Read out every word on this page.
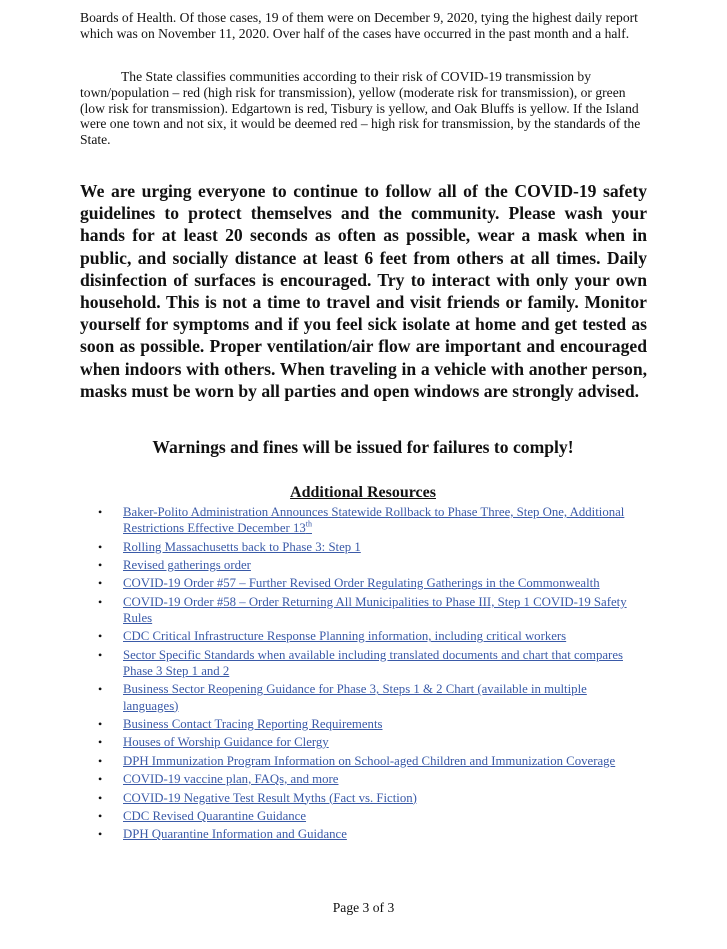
Boards of Health. Of those cases, 19 of them were on December 9, 2020, tying the highest daily report which was on November 11, 2020. Over half of the cases have occurred in the past month and a half.

The State classifies communities according to their risk of COVID-19 transmission by town/population – red (high risk for transmission), yellow (moderate risk for transmission), or green (low risk for transmission). Edgartown is red, Tisbury is yellow, and Oak Bluffs is yellow. If the Island were one town and not six, it would be deemed red – high risk for transmission, by the standards of the State.

We are urging everyone to continue to follow all of the COVID-19 safety guidelines to protect themselves and the community. Please wash your hands for at least 20 seconds as often as possible, wear a mask when in public, and socially distance at least 6 feet from others at all times. Daily disinfection of surfaces is encouraged. Try to interact with only your own household. This is not a time to travel and visit friends or family. Monitor yourself for symptoms and if you feel sick isolate at home and get tested as soon as possible. Proper ventilation/air flow are important and encouraged when indoors with others. When traveling in a vehicle with another person, masks must be worn by all parties and open windows are strongly advised.

Warnings and fines will be issued for failures to comply!

Additional Resources

• Baker-Polito Administration Announces Statewide Rollback to Phase Three, Step One, Additional Restrictions Effective December 13th
• Rolling Massachusetts back to Phase 3: Step 1
• Revised gatherings order
• COVID-19 Order #57 – Further Revised Order Regulating Gatherings in the Commonwealth
• COVID-19 Order #58 – Order Returning All Municipalities to Phase III, Step 1 COVID-19 Safety Rules
• CDC Critical Infrastructure Response Planning information, including critical workers
• Sector Specific Standards when available including translated documents and chart that compares Phase 3 Step 1 and 2
• Business Sector Reopening Guidance for Phase 3, Steps 1 & 2 Chart (available in multiple languages)
• Business Contact Tracing Reporting Requirements
• Houses of Worship Guidance for Clergy
• DPH Immunization Program Information on School-aged Children and Immunization Coverage
• COVID-19 vaccine plan, FAQs, and more
• COVID-19 Negative Test Result Myths (Fact vs. Fiction)
• CDC Revised Quarantine Guidance
• DPH Quarantine Information and Guidance

Page 3 of 3
